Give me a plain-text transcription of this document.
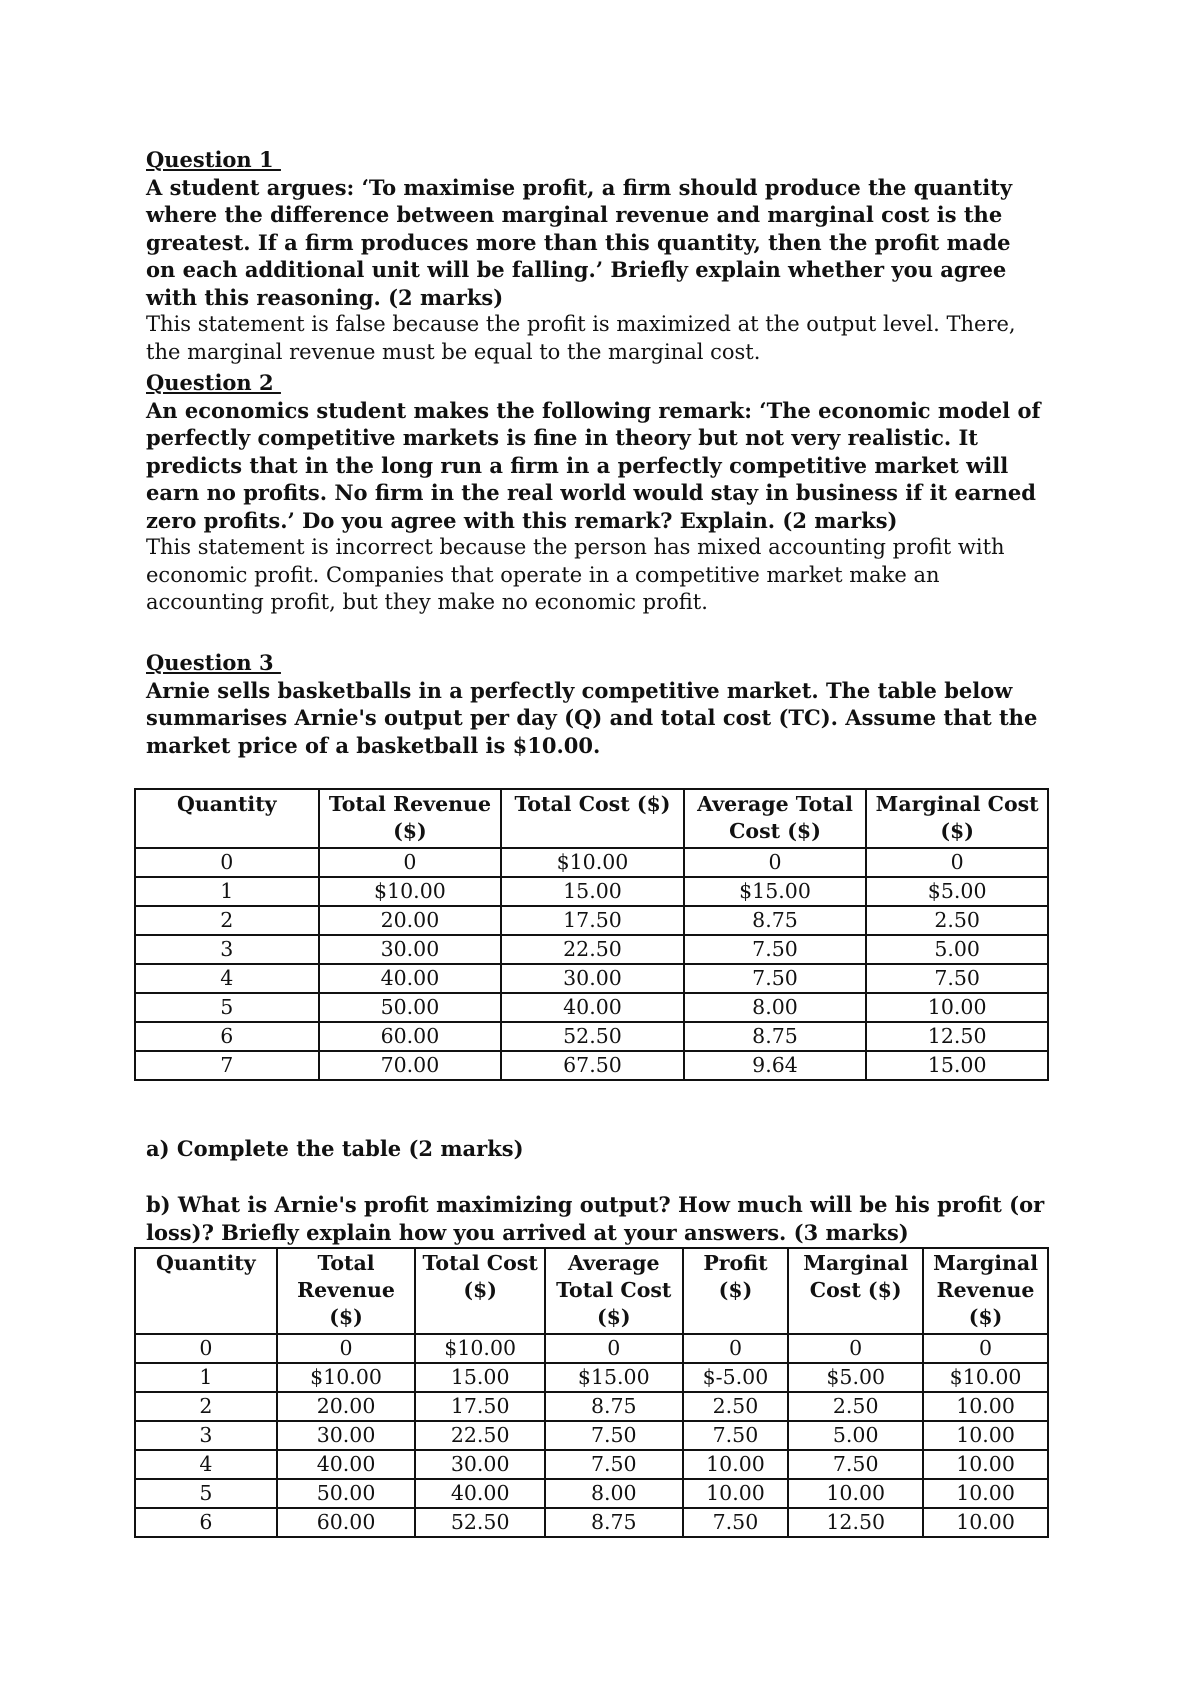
Question 1
A student argues: ‘To maximise profit, a firm should produce the quantity where the difference between marginal revenue and marginal cost is the greatest. If a firm produces more than this quantity, then the profit made on each additional unit will be falling.’ Briefly explain whether you agree with this reasoning. (2 marks)
This statement is false because the profit is maximized at the output level. There, the marginal revenue must be equal to the marginal cost.
Question 2
An economics student makes the following remark: ‘The economic model of perfectly competitive markets is fine in theory but not very realistic. It predicts that in the long run a firm in a perfectly competitive market will earn no profits. No firm in the real world would stay in business if it earned zero profits.’ Do you agree with this remark? Explain. (2 marks)
This statement is incorrect because the person has mixed accounting profit with economic profit. Companies that operate in a competitive market make an accounting profit, but they make no economic profit.
Question 3
Arnie sells basketballs in a perfectly competitive market. The table below summarises Arnie's output per day (Q) and total cost (TC). Assume that the market price of a basketball is $10.00.
Quantity	Total Revenue ($)	Total Cost ($)	Average Total Cost ($)	Marginal Cost ($)
0	0	$10.00	0	0
1	$10.00	15.00	$15.00	$5.00
2	20.00	17.50	8.75	2.50
3	30.00	22.50	7.50	5.00
4	40.00	30.00	7.50	7.50
5	50.00	40.00	8.00	10.00
6	60.00	52.50	8.75	12.50
7	70.00	67.50	9.64	15.00
a) Complete the table (2 marks)
b) What is Arnie's profit maximizing output? How much will be his profit (or loss)? Briefly explain how you arrived at your answers. (3 marks)
Quantity	Total Revenue ($)	Total Cost ($)	Average Total Cost ($)	Profit ($)	Marginal Cost ($)	Marginal Revenue ($)
0	0	$10.00	0	0	0	0
1	$10.00	15.00	$15.00	$-5.00	$5.00	$10.00
2	20.00	17.50	8.75	2.50	2.50	10.00
3	30.00	22.50	7.50	7.50	5.00	10.00
4	40.00	30.00	7.50	10.00	7.50	10.00
5	50.00	40.00	8.00	10.00	10.00	10.00
6	60.00	52.50	8.75	7.50	12.50	10.00
